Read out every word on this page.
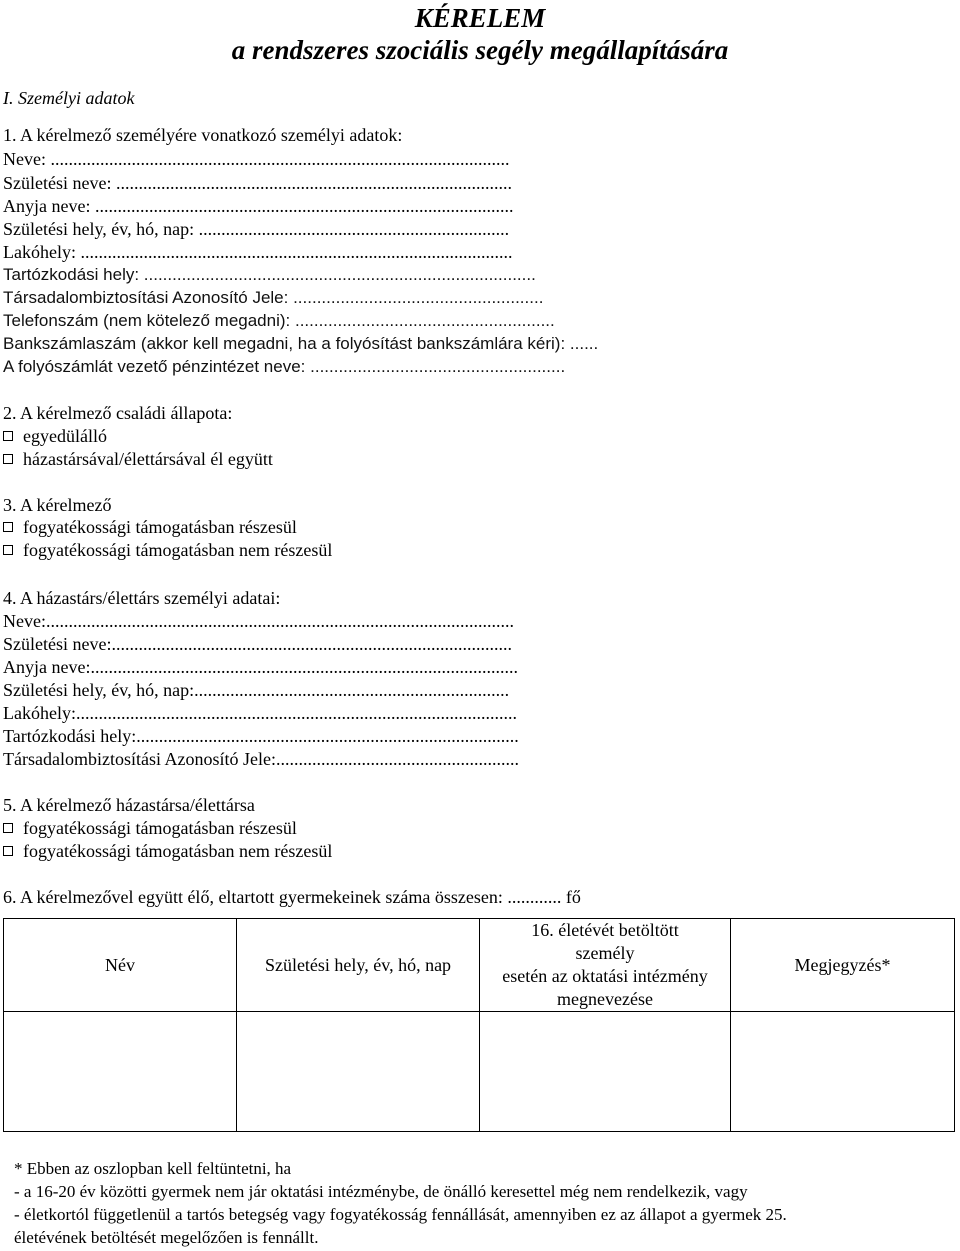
KÉRELEM
a rendszeres szociális segély megállapítására
I. Személyi adatok
1. A kérelmező személyére vonatkozó személyi adatok:
Neve: ......................................................................................................
Születési neve: ........................................................................................
Anyja neve: .............................................................................................
Születési hely, év, hó, nap: .....................................................................
Lakóhely: ................................................................................................
Tartózkodási hely: ...................................................................................
Társadalombiztosítási Azonosító Jele: .....................................................
Telefonszám (nem kötelező megadni): .......................................................
Bankszámlaszám (akkor kell megadni, ha a folyósítást bankszámlára kéri): ......
A folyószámlát vezető pénzintézet neve: ......................................................
2. A kérelmező családi állapota:
egyedülálló
házastársával/élettársával él együtt
3. A kérelmező
fogyatékossági támogatásban részesül
fogyatékossági támogatásban nem részesül
4. A házastárs/élettárs személyi adatai:
Neve:........................................................................................................
Születési neve:.........................................................................................
Anyja neve:...............................................................................................
Születési hely, év, hó, nap:......................................................................
Lakóhely:..................................................................................................
Tartózkodási hely:.....................................................................................
Társadalombiztosítási Azonosító Jele:......................................................
5. A kérelmező házastársa/élettársa
fogyatékossági támogatásban részesül
fogyatékossági támogatásban nem részesül
6. A kérelmezővel együtt élő, eltartott gyermekeinek száma összesen: ............ fő
Név	Születési hely, év, hó, nap	16. életévét betöltött
személy
esetén az oktatási intézmény
megnevezése	Megjegyzés*

* Ebben az oszlopban kell feltüntetni, ha
- a 16-20 év közötti gyermek nem jár oktatási intézménybe, de önálló keresettel még nem rendelkezik, vagy
- életkortól függetlenül a tartós betegség vagy fogyatékosság fennállását, amennyiben ez az állapot a gyermek 25.
életévének betöltését megelőzően is fennállt.
